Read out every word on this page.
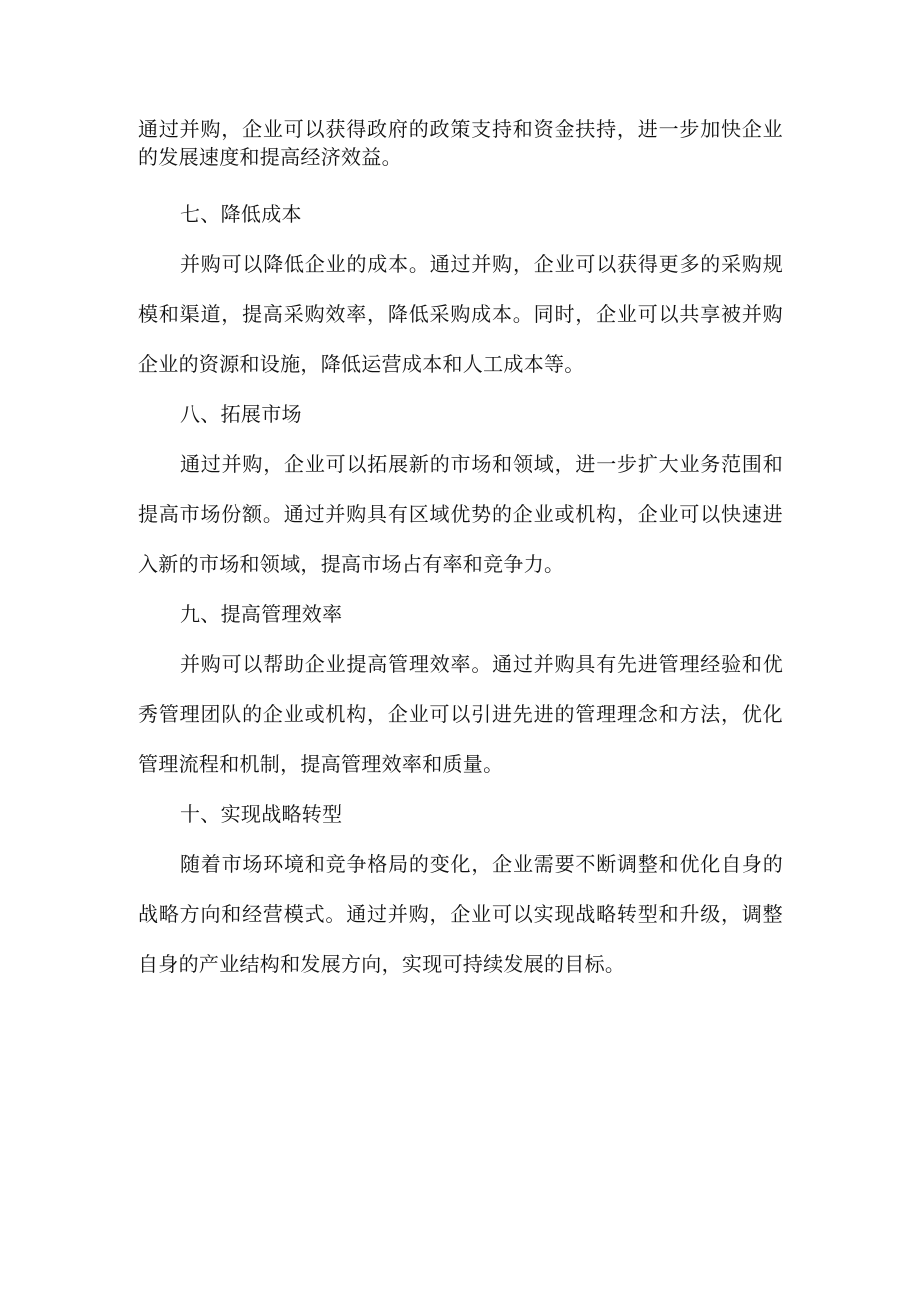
通过并购，企业可以获得政府的政策支持和资金扶持，进一步加快企业的发展速度和提高经济效益。

七、降低成本

并购可以降低企业的成本。通过并购，企业可以获得更多的采购规模和渠道，提高采购效率，降低采购成本。同时，企业可以共享被并购企业的资源和设施，降低运营成本和人工成本等。

八、拓展市场

通过并购，企业可以拓展新的市场和领域，进一步扩大业务范围和提高市场份额。通过并购具有区域优势的企业或机构，企业可以快速进入新的市场和领域，提高市场占有率和竞争力。

九、提高管理效率

并购可以帮助企业提高管理效率。通过并购具有先进管理经验和优秀管理团队的企业或机构，企业可以引进先进的管理理念和方法，优化管理流程和机制，提高管理效率和质量。

十、实现战略转型

随着市场环境和竞争格局的变化，企业需要不断调整和优化自身的战略方向和经营模式。通过并购，企业可以实现战略转型和升级，调整自身的产业结构和发展方向，实现可持续发展的目标。
